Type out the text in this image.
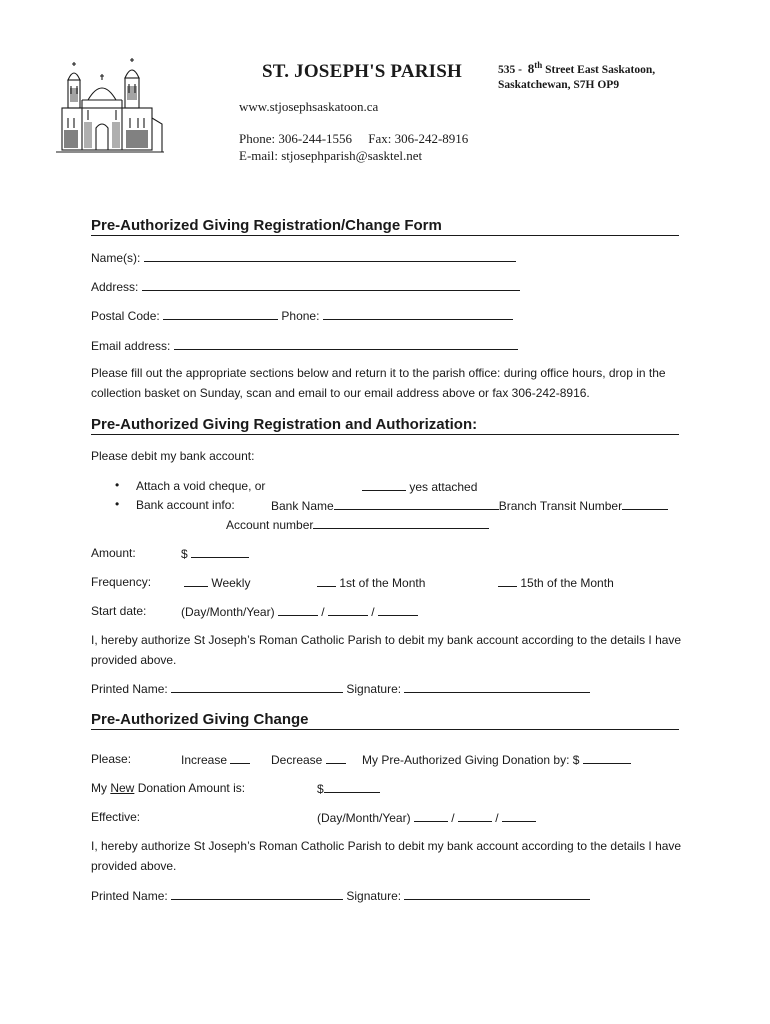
ST. JOSEPH'S PARISH	535 - 8th Street East Saskatoon,
Saskatchewan, S7H OP9
www.stjosephsaskatoon.ca
Phone: 306-244-1556 Fax: 306-242-8916
E-mail: stjosephparish@sasktel.net
Pre-Authorized Giving Registration/Change Form
Name(s):
Address:
Postal Code:	Phone:
Email address:
Please fill out the appropriate sections below and return it to the parish office: during office hours, drop in the collection basket on Sunday, scan and email to our email address above or fax 306-242-8916.
Pre-Authorized Giving Registration and Authorization:
Please debit my bank account:
• Attach a void cheque, or	yes attached
• Bank account info:	Bank Name	Branch Transit Number
Account number
Amount:	$
Frequency:	Weekly	1st of the Month	15th of the Month
Start date:	(Day/Month/Year)	/	/
I, hereby authorize St Joseph’s Roman Catholic Parish to debit my bank account according to the details I have provided above.
Printed Name:	Signature:
Pre-Authorized Giving Change
Please:	Increase	Decrease	My Pre-Authorized Giving Donation by: $
My New Donation Amount is:	$
Effective:	(Day/Month/Year)	/	/
I, hereby authorize St Joseph’s Roman Catholic Parish to debit my bank account according to the details I have provided above.
Printed Name:	Signature:
